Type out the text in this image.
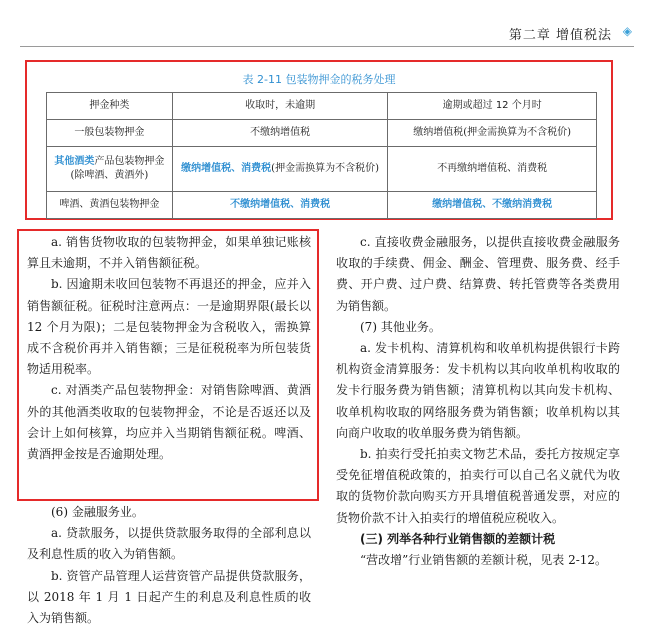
第二章 增值税法 ◈
表 2-11 包装物押金的税务处理
押金种类	收取时，未逾期	逾期或超过 12 个月时
一般包装物押金	不缴纳增值税	缴纳增值税(押金需换算为不含税价)
其他酒类产品包装物押金
(除啤酒、黄酒外)	缴纳增值税、消费税(押金需换算为不含税价)	不再缴纳增值税、消费税
啤酒、黄酒包装物押金	不缴纳增值税、消费税	缴纳增值税、不缴纳消费税

a. 销售货物收取的包装物押金，如果单独记账核算且未逾期，不并入销售额征税。

b. 因逾期未收回包装物不再退还的押金，应并入销售额征税。征税时注意两点：一是逾期界限(最长以 12 个月为限)；二是包装物押金为含税收入，需换算成不含税价再并入销售额；三是征税税率为所包装货物适用税率。

c. 对酒类产品包装物押金：对销售除啤酒、黄酒外的其他酒类收取的包装物押金，不论是否返还以及会计上如何核算，均应并入当期销售额征税。啤酒、黄酒押金按是否逾期处理。

(6) 金融服务业。

a. 贷款服务，以提供贷款服务取得的全部利息以及利息性质的收入为销售额。

b. 资管产品管理人运营资管产品提供贷款服务，以 2018 年 1 月 1 日起产生的利息及利息性质的收入为销售额。

c. 直接收费金融服务，以提供直接收费金融服务收取的手续费、佣金、酬金、管理费、服务费、经手费、开户费、过户费、结算费、转托管费等各类费用为销售额。

(7) 其他业务。

a. 发卡机构、清算机构和收单机构提供银行卡跨机构资金清算服务：发卡机构以其向收单机构收取的发卡行服务费为销售额；清算机构以其向发卡机构、收单机构收取的网络服务费为销售额；收单机构以其向商户收取的收单服务费为销售额。

b. 拍卖行受托拍卖文物艺术品，委托方按规定享受免征增值税政策的，拍卖行可以自己名义就代为收取的货物价款向购买方开具增值税普通发票，对应的货物价款不计入拍卖行的增值税应税收入。

(三) 列举各种行业销售额的差额计税

“营改增”行业销售额的差额计税，见表 2-12。
